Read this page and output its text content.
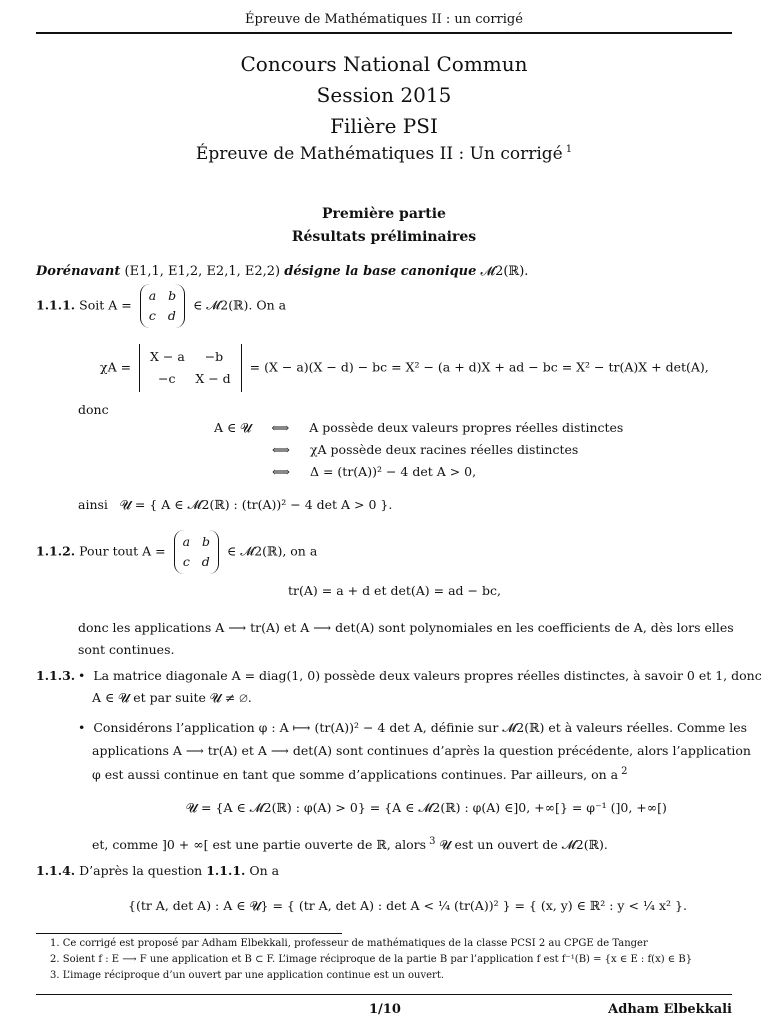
Épreuve de Mathématiques II : un corrigé
Concours National Commun
Session 2015
Filière PSI
Épreuve de Mathématiques II : Un corrigé $^1$
Première partie
Résultats préliminaires
Dorénavant (E1,1, E1,2, E2,1, E2,2) désigne la base canonique 𝓜2(ℝ).
1.1.1. Soit A = a b
c d ∈ 𝓜2(ℝ). On a
χA = X − a −b
−c X − d = (X − a)(X − d) − bc = X² − (a + d)X + ad − bc = X² − tr(A)X + det(A),
donc
A ∈ 𝓤 ⟺ A possède deux valeurs propres réelles distinctes
⟺ χA possède deux racines réelles distinctes
⟺ Δ = (tr(A))² − 4 det A > 0,
ainsi 𝓤 = { A ∈ 𝓜2(ℝ) : (tr(A))² − 4 det A > 0 }.
1.1.2. Pour tout A = a b
c d ∈ 𝓜2(ℝ), on a
tr(A) = a + d et det(A) = ad − bc,
donc les applications A ⟶ tr(A) et A ⟶ det(A) sont polynomiales en les coefficients de A, dès lors elles
sont continues.
1.1.3. •  La matrice diagonale A = diag(1, 0) possède deux valeurs propres réelles distinctes, à savoir 0 et 1, donc
A ∈ 𝓤 et par suite 𝓤 ≠ ∅.
•  Considérons l’application φ : A ⟼ (tr(A))² − 4 det A, définie sur 𝓜2(ℝ) et à valeurs réelles. Comme les
applications A ⟶ tr(A) et A ⟶ det(A) sont continues d’après la question précédente, alors l’application
φ est aussi continue en tant que somme d’applications continues. Par ailleurs, on a $^2$
𝓤 = {A ∈ 𝓜2(ℝ) : φ(A) > 0} = {A ∈ 𝓜2(ℝ) : φ(A) ∈]0, +∞[} = φ⁻¹ (]0, +∞[)
et, comme ]0 + ∞[ est une partie ouverte de ℝ, alors $^3$ 𝓤 est un ouvert de 𝓜2(ℝ).
1.1.4. D’après la question 1.1.1. On a
{(tr A, det A) : A ∈ 𝓤} = { (tr A, det A) : det A < ¼ (tr(A))² } = { (x, y) ∈ ℝ² : y < ¼ x² }.
1. Ce corrigé est proposé par Adham Elbekkali, professeur de mathématiques de la classe PCSI 2 au CPGE de Tanger
2. Soient f : E ⟶ F une application et B ⊂ F. L’image réciproque de la partie B par l’application f est f⁻¹(B) = {x ∈ E : f(x) ∈ B}
3. L’image réciproque d’un ouvert par une application continue est un ouvert.
1/10	Adham Elbekkali
